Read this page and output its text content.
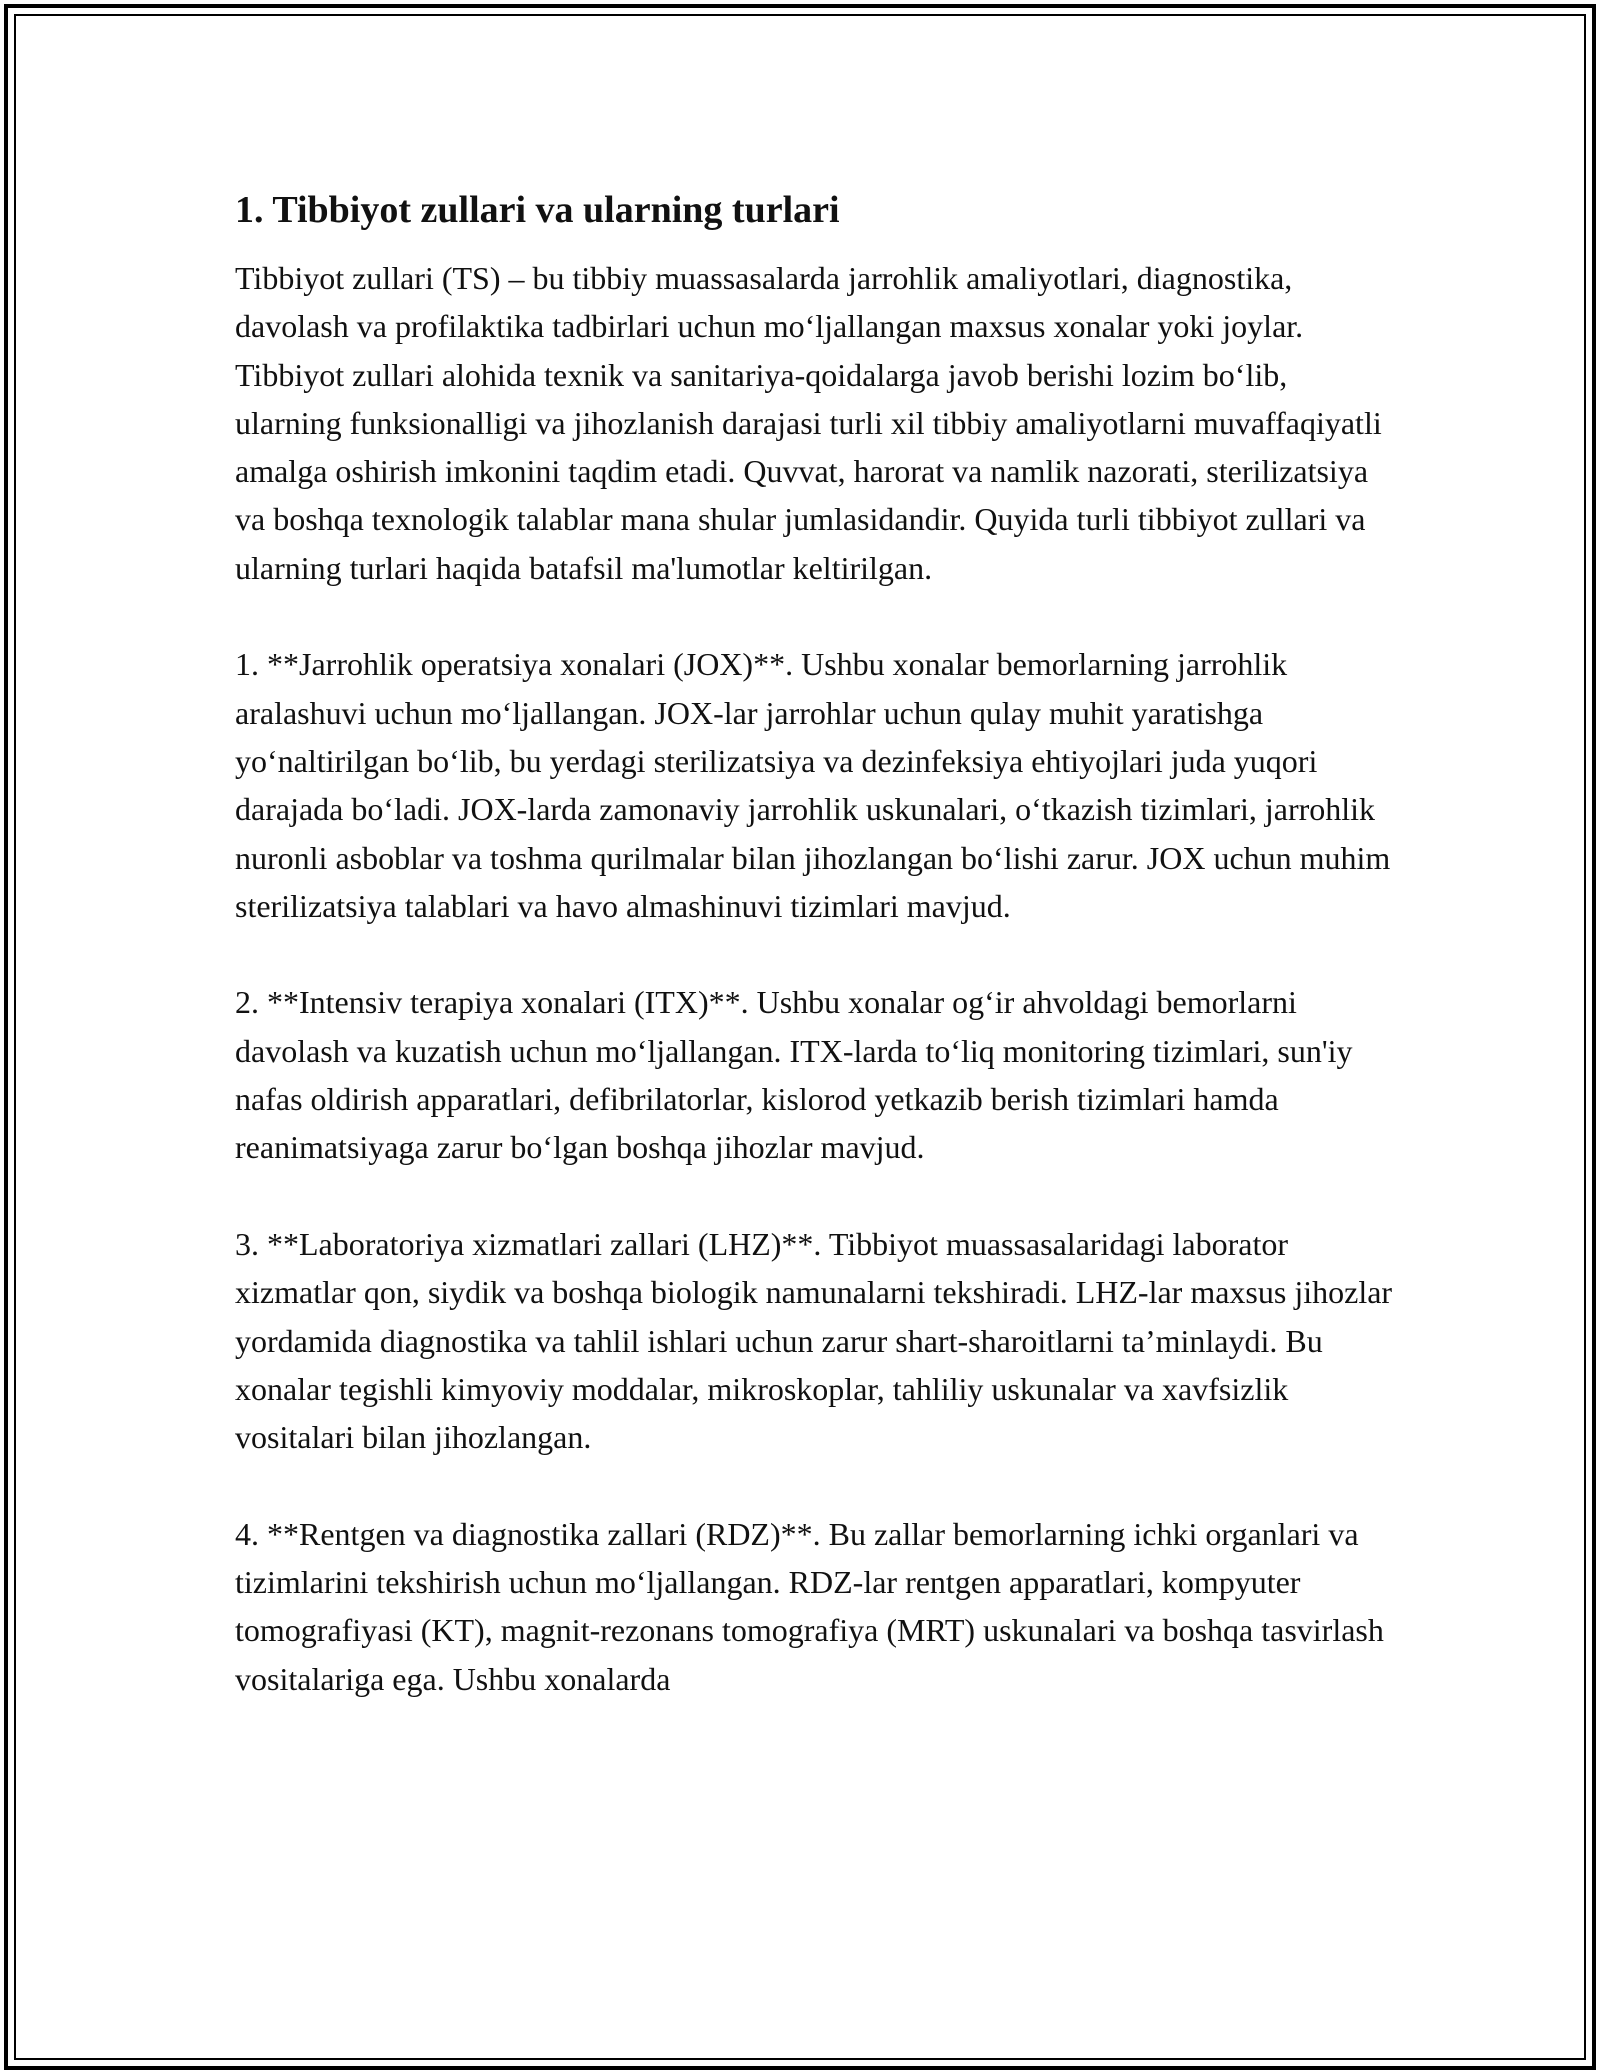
1. Tibbiyot zullari va ularning turlari

Tibbiyot zullari (TS) – bu tibbiy muassasalarda jarrohlik amaliyotlari, diagnostika, davolash va profilaktika tadbirlari uchun moʻljallangan maxsus xonalar yoki joylar. Tibbiyot zullari alohida texnik va sanitariya-qoidalarga javob berishi lozim boʻlib, ularning funksionalligi va jihozlanish darajasi turli xil tibbiy amaliyotlarni muvaffaqiyatli amalga oshirish imkonini taqdim etadi. Quvvat, harorat va namlik nazorati, sterilizatsiya va boshqa texnologik talablar mana shular jumlasidandir. Quyida turli tibbiyot zullari va ularning turlari haqida batafsil ma'lumotlar keltirilgan.

1. **Jarrohlik operatsiya xonalari (JOX)**. Ushbu xonalar bemorlarning jarrohlik aralashuvi uchun moʻljallangan. JOX-lar jarrohlar uchun qulay muhit yaratishga yoʻnaltirilgan boʻlib, bu yerdagi sterilizatsiya va dezinfeksiya ehtiyojlari juda yuqori darajada boʻladi. JOX-larda zamonaviy jarrohlik uskunalari, oʻtkazish tizimlari, jarrohlik nuronli asboblar va toshma qurilmalar bilan jihozlangan boʻlishi zarur. JOX uchun muhim sterilizatsiya talablari va havo almashinuvi tizimlari mavjud.

2. **Intensiv terapiya xonalari (ITX)**. Ushbu xonalar ogʻir ahvoldagi bemorlarni davolash va kuzatish uchun moʻljallangan. ITX-larda toʻliq monitoring tizimlari, sun'iy nafas oldirish apparatlari, defibrilatorlar, kislorod yetkazib berish tizimlari hamda reanimatsiyaga zarur boʻlgan boshqa jihozlar mavjud.

3. **Laboratoriya xizmatlari zallari (LHZ)**. Tibbiyot muassasalaridagi laborator xizmatlar qon, siydik va boshqa biologik namunalarni tekshiradi. LHZ-lar maxsus jihozlar yordamida diagnostika va tahlil ishlari uchun zarur shart-sharoitlarni ta’minlaydi. Bu xonalar tegishli kimyoviy moddalar, mikroskoplar, tahliliy uskunalar va xavfsizlik vositalari bilan jihozlangan.

4. **Rentgen va diagnostika zallari (RDZ)**. Bu zallar bemorlarning ichki organlari va tizimlarini tekshirish uchun moʻljallangan. RDZ-lar rentgen apparatlari, kompyuter tomografiyasi (KT), magnit-rezonans tomografiya (MRT) uskunalari va boshqa tasvirlash vositalariga ega. Ushbu xonalarda
